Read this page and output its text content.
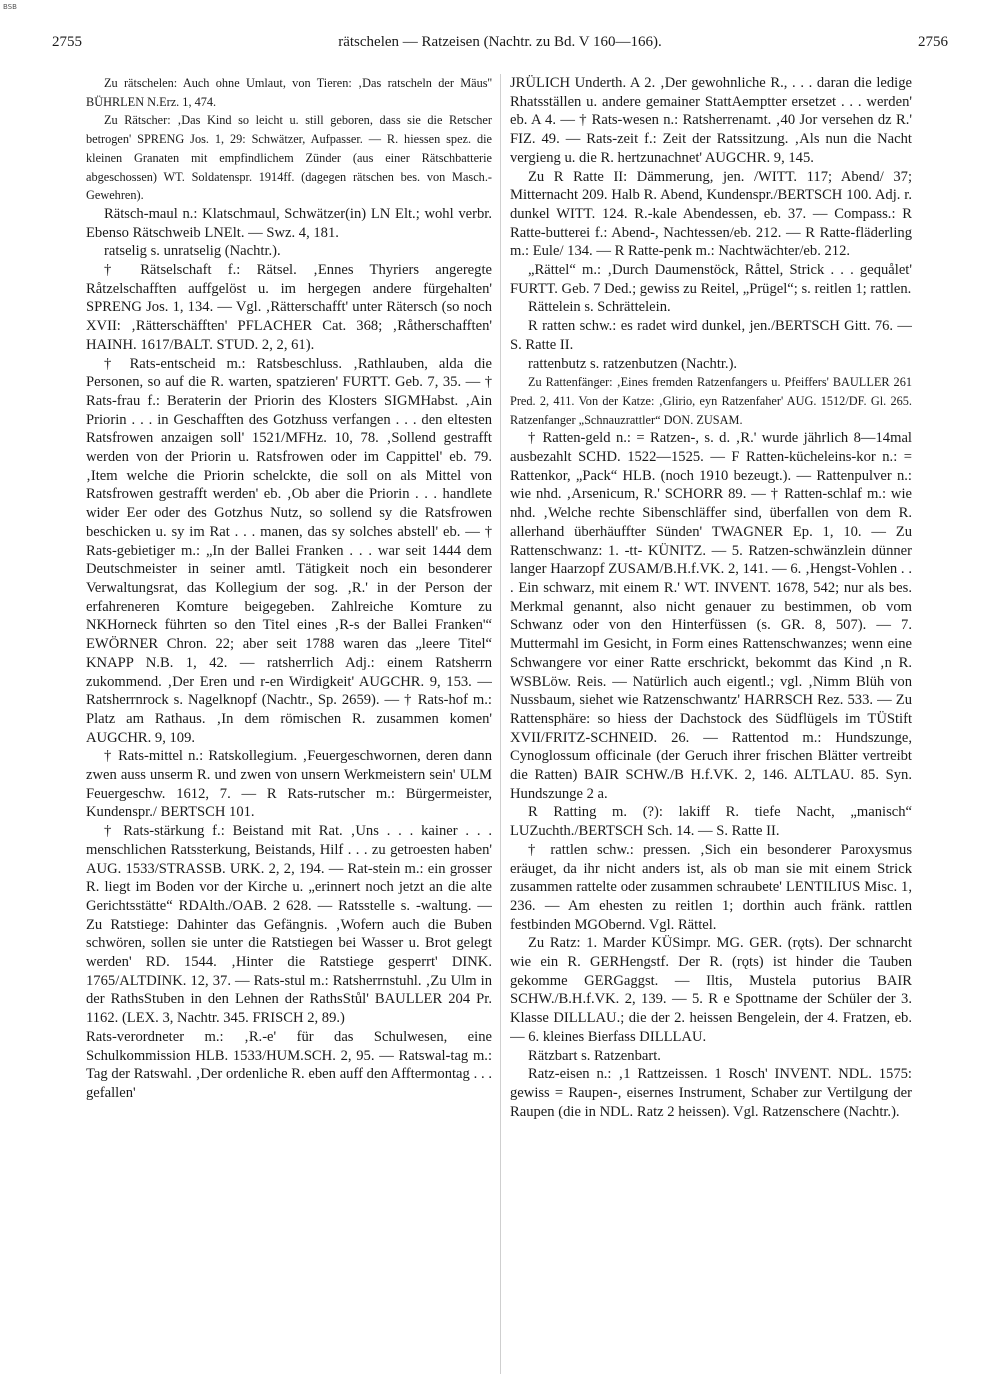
BSB
2755	rätschelen — Ratzeisen (Nachtr. zu Bd. V 160—166).	2756

Zu rätschelen: Auch ohne Umlaut, von Tieren: ‚Das ratscheln der Mäus'' BÜHRLEN N.Erz. 1, 474.

Zu Rätscher: ‚Das Kind so leicht u. still geboren, dass sie die Retscher betrogen' SPRENG Jos. 1, 29: Schwätzer, Aufpasser. — R. hiessen spez. die kleinen Granaten mit empfindlichem Zünder (aus einer Rätschbatterie abgeschossen) WT. Soldatenspr. 1914ff. (dagegen rätschen bes. von Masch.-Gewehren).

Rätsch-maul n.: Klatschmaul, Schwätzer(in) LN Elt.; wohl verbr. Ebenso Rätschweib LNElt. — Swz. 4, 181.

ratselig s. unratselig (Nachtr.).

† Rätselschaft f.: Rätsel. ‚Ennes Thyriers angeregte Råtzelschafften auffgelöst u. im hergegen andere fürgehalten' SPRENG Jos. 1, 134. — Vgl. ‚Rätterschafft' unter Rätersch (so noch XVII: ‚Rätterschäfften' PFLACHER Cat. 368; ‚Råtherschafften' HAINH. 1617/BALT. STUD. 2, 2, 61).

† Rats-entscheid m.: Ratsbeschluss. ‚Rathlauben, alda die Personen, so auf die R. warten, spatzieren' FURTT. Geb. 7, 35. — † Rats-frau f.: Beraterin der Priorin des Klosters SIGMHabst. ‚Ain Priorin . . . in Geschafften des Gotzhuss verfangen . . . den eltesten Ratsfrowen anzaigen soll' 1521/MFHz. 10, 78. ‚Sollend gestrafft werden von der Priorin u. Ratsfrowen oder im Cappittel' eb. 79. ‚Item welche die Priorin schelckte, die soll on als Mittel von Ratsfrowen gestrafft werden' eb. ‚Ob aber die Priorin . . . handlete wider Eer oder des Gotzhus Nutz, so sollend sy die Ratsfrowen beschicken u. sy im Rat . . . manen, das sy solches abstell' eb. — † Rats-gebietiger m.: „In der Ballei Franken . . . war seit 1444 dem Deutschmeister in seiner amtl. Tätigkeit noch ein besonderer Verwaltungsrat, das Kollegium der sog. ‚R.' in der Person der erfahreneren Komture beigegeben. Zahlreiche Komture zu NKHorneck führten so den Titel eines ‚R-s der Ballei Franken'“ EWÖRNER Chron. 22; aber seit 1788 waren das „leere Titel“ KNAPP N.B. 1, 42. — ratsherrlich Adj.: einem Ratsherrn zukommend. ‚Der Eren und r-en Wirdigkeit' AUGCHR. 9, 153. — Ratsherrnrock s. Nagelknopf (Nachtr., Sp. 2659). — † Rats-hof m.: Platz am Rathaus. ‚In dem römischen R. zusammen komen' AUGCHR. 9, 109.

† Rats-mittel n.: Ratskollegium. ‚Feuergeschwornen, deren dann zwen auss unserm R. und zwen von unsern Werkmeistern sein' ULM Feuergeschw. 1612, 7. — R Rats-rutscher m.: Bürgermeister, Kundenspr./ BERTSCH 101.

† Rats-stärkung f.: Beistand mit Rat. ‚Uns . . . kainer . . . menschlichen Ratssterkung, Beistands, Hilf . . . zu getroesten haben' AUG. 1533/STRASSB. URK. 2, 2, 194. — Rat-stein m.: ein grosser R. liegt im Boden vor der Kirche u. „erinnert noch jetzt an die alte Gerichtsstätte“ RDAlth./OAB. 2 628. — Ratsstelle s. -waltung. — Zu Ratstiege: Dahinter das Gefängnis. ‚Wofern auch die Buben schwören, sollen sie unter die Ratstiegen bei Wasser u. Brot gelegt werden' RD. 1544. ‚Hinter die Ratstiege gesperrt' DINK. 1765/ALTDINK. 12, 37. — Rats-stul m.: Ratsherrnstuhl. ‚Zu Ulm in der RathsStuben in den Lehnen der RathsStůl' BAULLER 204 Pr. 1162. (LEX. 3, Nachtr. 345. FRISCH 2, 89.)

Rats-verordneter m.: ‚R.-e' für das Schulwesen, eine Schulkommission HLB. 1533/HUM.SCH. 2, 95. — Ratswal-tag m.: Tag der Ratswahl. ‚Der ordenliche R. eben auff den Afftermontag . . . gefallen'

JRÜLICH Underth. A 2. ‚Der gewohnliche R., . . . daran die ledige Rhatsställen u. andere gemainer StattAemptter ersetzet . . . werden' eb. A 4. — † Rats-wesen n.: Ratsherrenamt. ‚40 Jor versehen dz R.' FIZ. 49. — Rats-zeit f.: Zeit der Ratssitzung. ‚Als nun die Nacht vergieng u. die R. hertzunachnet' AUGCHR. 9, 145.

Zu R Ratte II: Dämmerung, jen. /WITT. 117; Abend/ 37; Mitternacht 209. Halb R. Abend, Kundenspr./BERTSCH 100. Adj. r. dunkel WITT. 124. R.-kale Abendessen, eb. 37. — Compass.: R Ratte-butterei f.: Abend-, Nachtessen/eb. 212. — R Ratte-fläderling m.: Eule/ 134. — R Ratte-penk m.: Nachtwächter/eb. 212.

„Rättel“ m.: ‚Durch Daumenstöck, Råttel, Strick . . . gequålet' FURTT. Geb. 7 Ded.; gewiss zu Reitel, „Prügel“; s. reitlen 1; rattlen.

Rättelein s. Schrättelein.

R ratten schw.: es radet wird dunkel, jen./BERTSCH Gitt. 76. — S. Ratte II.

rattenbutz s. ratzenbutzen (Nachtr.).

Zu Rattenfänger: ‚Eines fremden Ratzenfangers u. Pfeiffers' BAULLER 261 Pred. 2, 411. Von der Katze: ‚Glirio, eyn Ratzenfaher' AUG. 1512/DF. Gl. 265. Ratzenfanger „Schnauzrattler“ DON. ZUSAM.

† Ratten-geld n.: = Ratzen-, s. d. ‚R.' wurde jährlich 8—14mal ausbezahlt SCHD. 1522—1525. — F Ratten-kücheleins-kor n.: = Rattenkor, „Pack“ HLB. (noch 1910 bezeugt.). — Rattenpulver n.: wie nhd. ‚Arsenicum, R.' SCHORR 89. — † Ratten-schlaf m.: wie nhd. ‚Welche rechte Sibenschläffer sind, überfallen von dem R. allerhand überhäuffter Sünden' TWAGNER Ep. 1, 10. — Zu Rattenschwanz: 1. -tt- KÜNITZ. — 5. Ratzen-schwänzlein dünner langer Haarzopf ZUSAM/B.H.f.VK. 2, 141. — 6. ‚Hengst-Vohlen . . . Ein schwarz, mit einem R.' WT. INVENT. 1678, 542; nur als bes. Merkmal genannt, also nicht genauer zu bestimmen, ob vom Schwanz oder von den Hinterfüssen (s. GR. 8, 507). — 7. Muttermahl im Gesicht, in Form eines Rattenschwanzes; wenn eine Schwangere vor einer Ratte erschrickt, bekommt das Kind ‚n R. WSBLöw. Reis. — Natürlich auch eigentl.; vgl. ‚Nimm Blüh von Nussbaum, siehet wie Ratzenschwantz' HARRSCH Rez. 533. — Zu Rattensphäre: so hiess der Dachstock des Südflügels im TÜStift XVII/FRITZ-SCHNEID. 26. — Rattentod m.: Hundszunge, Cynoglossum officinale (der Geruch ihrer frischen Blätter vertreibt die Ratten) BAIR SCHW./B H.f.VK. 2, 146. ALTLAU. 85. Syn. Hundszunge 2 a.

R Ratting m. (?): lakiff R. tiefe Nacht, „manisch“ LUZuchth./BERTSCH Sch. 14. — S. Ratte II.

† rattlen schw.: pressen. ‚Sich ein besonderer Paroxysmus eräuget, da ihr nicht anders ist, als ob man sie mit einem Strick zusammen rattelte oder zusammen schraubete' LENTILIUS Misc. 1, 236. — Am ehesten zu reitlen 1; dorthin auch fränk. rattlen festbinden MGObernd. Vgl. Rättel.

Zu Ratz: 1. Marder KÜSimpr. MG. GER. (rǫts). Der schnarcht wie ein R. GERHengstf. Der R. (rǫts) ist hinder die Tauben gekomme GERGaggst. — Iltis, Mustela putorius BAIR SCHW./B.H.f.VK. 2, 139. — 5. R e Spottname der Schüler der 3. Klasse DILLLAU.; die der 2. heissen Bengelein, der 4. Fratzen, eb. — 6. kleines Bierfass DILLLAU.

Rätzbart s. Ratzenbart.

Ratz-eisen n.: ‚1 Rattzeissen. 1 Rosch' INVENT. NDL. 1575: gewiss = Raupen-, eisernes Instrument, Schaber zur Vertilgung der Raupen (die in NDL. Ratz 2 heissen). Vgl. Ratzenschere (Nachtr.).
